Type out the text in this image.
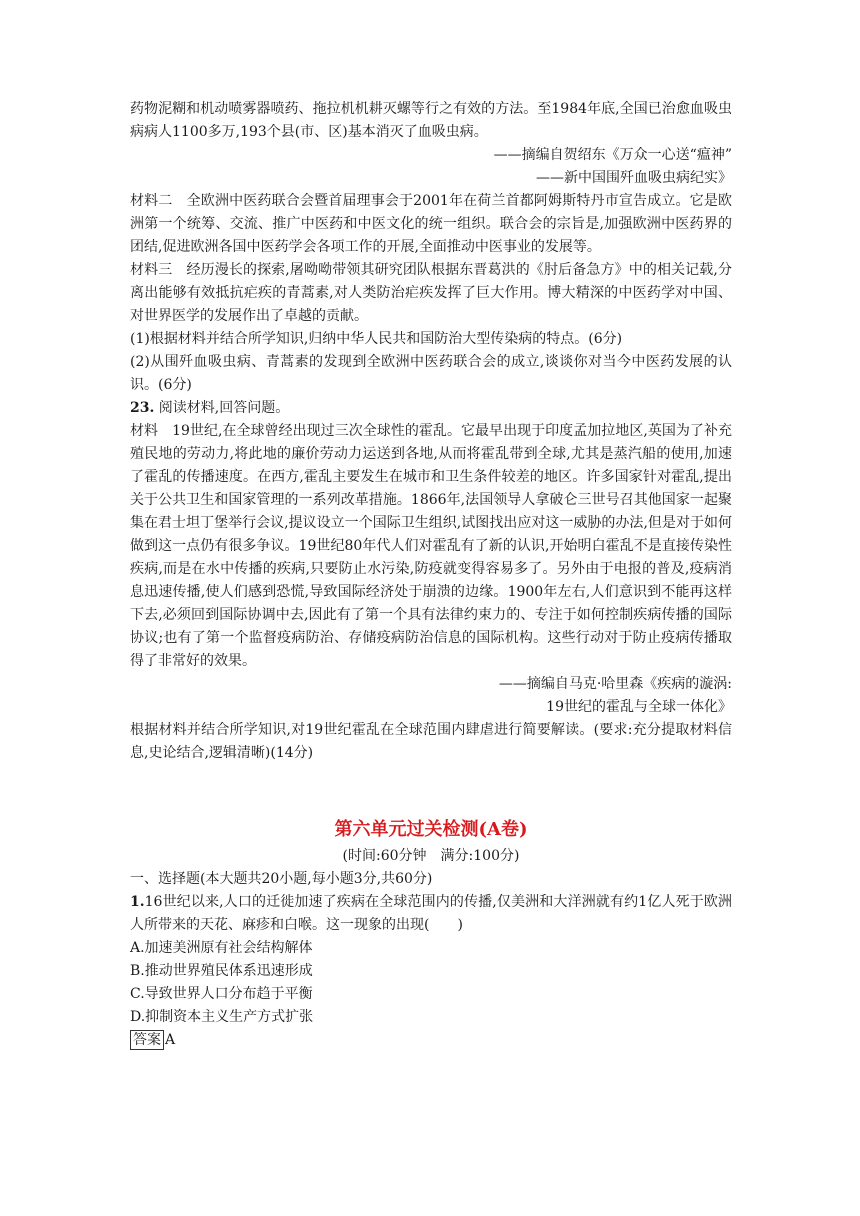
药物泥糊和机动喷雾器喷药、拖拉机机耕灭螺等行之有效的方法。至1984年底,全国已治愈血吸虫病病人1100多万,193个县(市、区)基本消灭了血吸虫病。

——摘编自贺绍东《万众一心送“瘟神”

——新中国围歼血吸虫病纪实》

材料二　全欧洲中医药联合会暨首届理事会于2001年在荷兰首都阿姆斯特丹市宣告成立。它是欧洲第一个统筹、交流、推广中医药和中医文化的统一组织。联合会的宗旨是,加强欧洲中医药界的团结,促进欧洲各国中医药学会各项工作的开展,全面推动中医事业的发展等。

材料三　经历漫长的探索,屠呦呦带领其研究团队根据东晋葛洪的《肘后备急方》中的相关记载,分离出能够有效抵抗疟疾的青蒿素,对人类防治疟疾发挥了巨大作用。博大精深的中医药学对中国、对世界医学的发展作出了卓越的贡献。

(1)根据材料并结合所学知识,归纳中华人民共和国防治大型传染病的特点。(6分)

(2)从围歼血吸虫病、青蒿素的发现到全欧洲中医药联合会的成立,谈谈你对当今中医药发展的认识。(6分)

23. 阅读材料,回答问题。

材料　19世纪,在全球曾经出现过三次全球性的霍乱。它最早出现于印度孟加拉地区,英国为了补充殖民地的劳动力,将此地的廉价劳动力运送到各地,从而将霍乱带到全球,尤其是蒸汽船的使用,加速了霍乱的传播速度。在西方,霍乱主要发生在城市和卫生条件较差的地区。许多国家针对霍乱,提出关于公共卫生和国家管理的一系列改革措施。1866年,法国领导人拿破仑三世号召其他国家一起聚集在君士坦丁堡举行会议,提议设立一个国际卫生组织,试图找出应对这一威胁的办法,但是对于如何做到这一点仍有很多争议。19世纪80年代人们对霍乱有了新的认识,开始明白霍乱不是直接传染性疾病,而是在水中传播的疾病,只要防止水污染,防疫就变得容易多了。另外由于电报的普及,疫病消息迅速传播,使人们感到恐慌,导致国际经济处于崩溃的边缘。1900年左右,人们意识到不能再这样下去,必须回到国际协调中去,因此有了第一个具有法律约束力的、专注于如何控制疾病传播的国际协议;也有了第一个监督疫病防治、存储疫病防治信息的国际机构。这些行动对于防止疫病传播取得了非常好的效果。

——摘编自马克·哈里森《疾病的漩涡:

19世纪的霍乱与全球一体化》

根据材料并结合所学知识,对19世纪霍乱在全球范围内肆虐进行简要解读。(要求:充分提取材料信息,史论结合,逻辑清晰)(14分)

第六单元过关检测(A卷)

(时间:60分钟　满分:100分)

一、选择题(本大题共20小题,每小题3分,共60分)

1.16世纪以来,人口的迁徙加速了疾病在全球范围内的传播,仅美洲和大洋洲就有约1亿人死于欧洲人所带来的天花、麻疹和白喉。这一现象的出现(　　)

A.加速美洲原有社会结构解体

B.推动世界殖民体系迅速形成

C.导致世界人口分布趋于平衡

D.抑制资本主义生产方式扩张

答案 A
